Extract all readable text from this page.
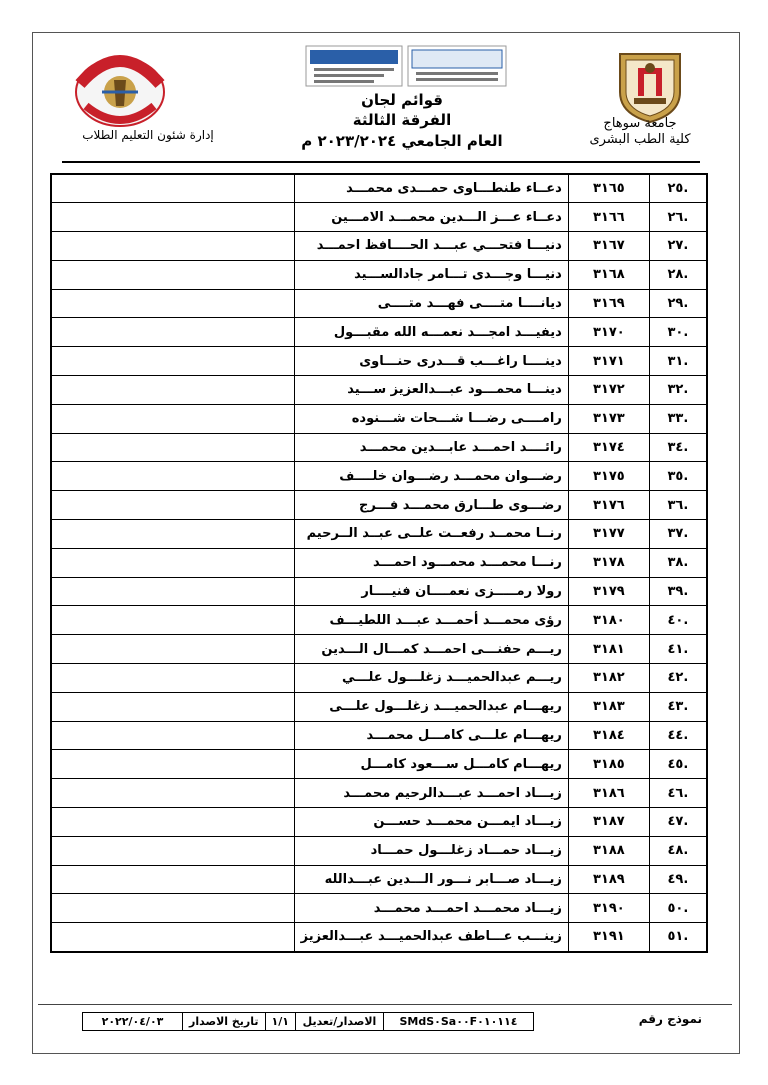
جامعة سوهاج
كلية الطب البشرى
إدارة شئون التعليم الطلاب
قوائم لجان
الفرقة الثالثة
العام الجامعي ٢٠٢٣/٢٠٢٤ م
.٢٥	٣١٦٥	دعــاء طنطـــاوى حمـــدى محمـــد	
.٢٦	٣١٦٦	دعــاء عـــز الـــدين محمـــد الامـــين	
.٢٧	٣١٦٧	دنيـــا فتحـــي عبـــد الحــــافظ احمـــد	
.٢٨	٣١٦٨	دنيـــا وجـــدى تـــامر جادالســـيد	
.٢٩	٣١٦٩	ديانــــا متــــى فهـــد متــــى	
.٣٠	٣١٧٠	ديفيـــد امجـــد نعمـــه الله مقبـــول	
.٣١	٣١٧١	دينــــا راغـــب قـــدرى حنـــاوى	
.٣٢	٣١٧٢	دينـــا محمـــود عبـــدالعزيز ســـيد	
.٣٣	٣١٧٣	رامــــى رضـــا شـــحات شـــنوده	
.٣٤	٣١٧٤	رائــــد احمـــد عابـــدين محمـــد	
.٣٥	٣١٧٥	رضـــوان محمـــد رضـــوان خلــــف	
.٣٦	٣١٧٦	رضـــوى طـــارق محمـــد فـــرج	
.٣٧	٣١٧٧	رنــا محمــد رفعــت علــى عبــد الــرحيم	
.٣٨	٣١٧٨	رنـــا محمـــد محمـــود احمـــد	
.٣٩	٣١٧٩	رولا رمـــــزى نعمــــان فنيــــار	
.٤٠	٣١٨٠	رؤى محمـــد أحمـــد عبـــد اللطيـــف	
.٤١	٣١٨١	ريـــم حفنـــى احمـــد كمـــال الـــدين	
.٤٢	٣١٨٢	ريـــم عبدالحميـــد زغلـــول علـــي	
.٤٣	٣١٨٣	ريهـــام عبدالحميـــد زغلـــول علـــى	
.٤٤	٣١٨٤	ريهـــام علـــى كامـــل محمـــد	
.٤٥	٣١٨٥	ريهـــام كامـــل ســـعود كامـــل	
.٤٦	٣١٨٦	زيـــاد احمـــد عبـــدالرحيم محمـــد	
.٤٧	٣١٨٧	زيـــاد ايمـــن محمـــد حســـن	
.٤٨	٣١٨٨	زيـــاد حمـــاد زغلـــول حمـــاد	
.٤٩	٣١٨٩	زيـــاد صـــابر نـــور الـــدين عبـــدالله	
.٥٠	٣١٩٠	زيـــاد محمـــد احمـــد محمـــد	
.٥١	٣١٩١	زينـــب عـــاطف عبدالحميـــد عبـــدالعزيز	
نموذج رقم
SMdS٠Sa٠٠F٠١٠١١٤	الاصدار/تعديل	١/١	تاريخ الاصدار	٢٠٢٢/٠٤/٠٣
